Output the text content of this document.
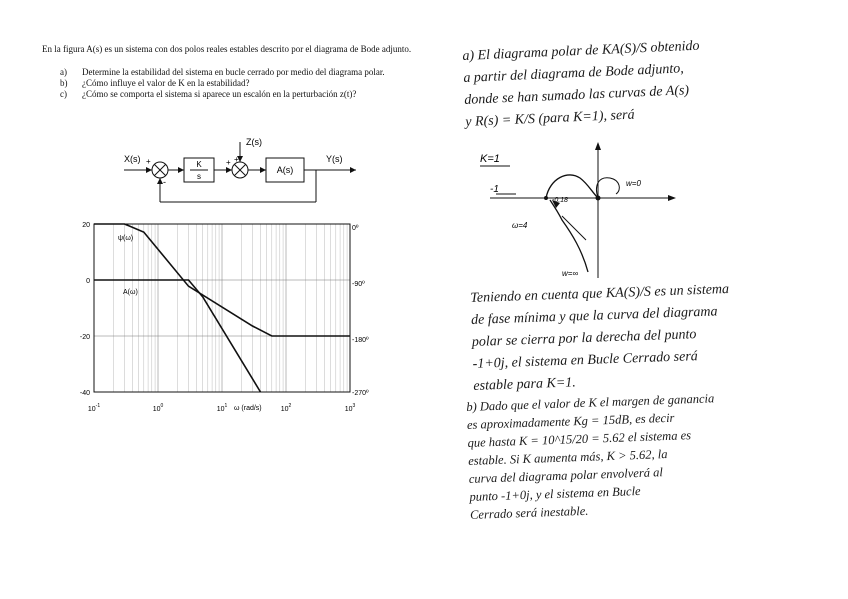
En la figura A(s) es un sistema con dos polos reales estables descrito por el diagrama de Bode adjunto.

a)	Determine la estabilidad del sistema en bucle cerrado por medio del diagrama polar.
b)	¿Cómo influye el valor de K en la estabilidad?
c)	¿Cómo se comporta el sistema si aparece un escalón en la perturbación z(t)?
X(s) +
-
K
s
Z(s)
+
+
A(s)
Y(s)
20
0
-20
-40
0º
-90º
-180º
-270º
$10^{-1}$	$10^0$	$10^1$	$10^2$	$10^3$
ω (rad/s)
ψ(ω)
A(ω)
a) El diagrama polar de KA(S)/S obtenido
a partir del diagrama de Bode adjunto,
donde se han sumado las curvas de A(s)
y R(s) = K/S (para K=1), será
K=1
-1
-0.18
w=0
ω=4
w=∞
Teniendo en cuenta que KA(S)/S es un sistema
de fase mínima y que la curva del diagrama
polar se cierra por la derecha del punto
-1+0j, el sistema en Bucle Cerrado será
estable para K=1.
b) Dado que el valor de K el margen de ganancia
es aproximadamente Kg = 15dB, es decir
que hasta K = 10^15/20 = 5.62 el sistema es
estable. Si K aumenta más, K > 5.62, la
curva del diagrama polar envolverá al
punto -1+0j, y el sistema en Bucle
Cerrado será inestable.
